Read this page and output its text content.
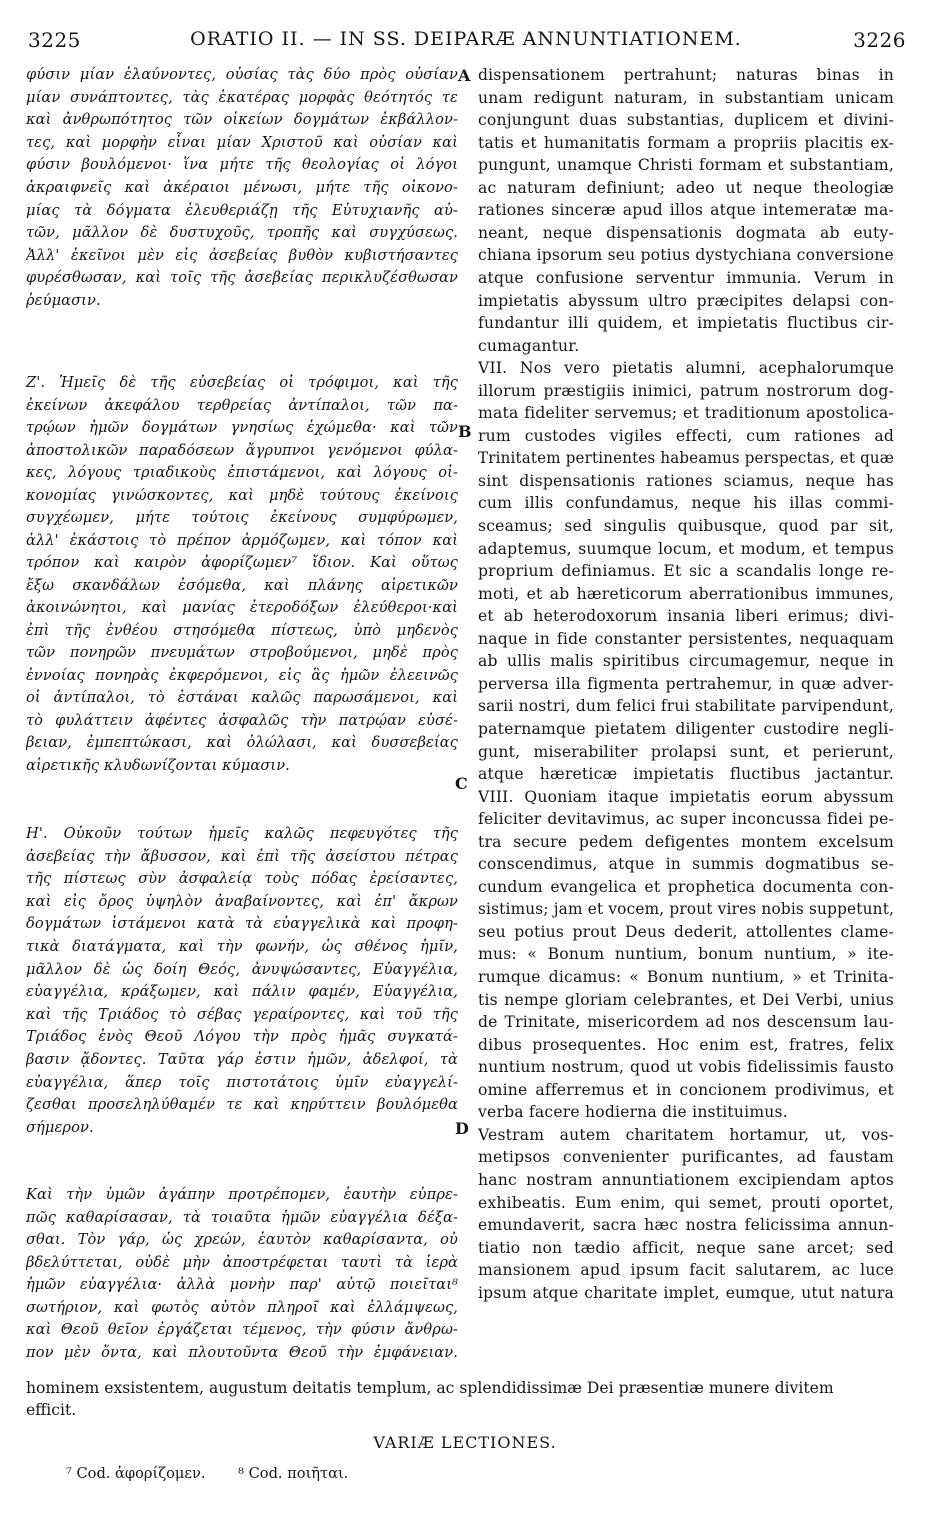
3225	ORATIO II. — IN SS. DEIPARÆ ANNUNTIATIONEM.	3226
φύσιν μίαν ἐλαύνοντες, οὐσίας τὰς δύο πρὸς οὐσίαν
μίαν συνάπτοντες, τὰς ἑκατέρας μορφὰς θεότητός τε
καὶ ἀνθρωπότητος τῶν οἰκείων δογμάτων ἐκβάλλον-
τες, καὶ μορφὴν εἶναι μίαν Χριστοῦ καὶ οὐσίαν καὶ
φύσιν βουλόμενοι· ἵνα μήτε τῆς θεολογίας οἱ λόγοι
ἀκραιφνεῖς καὶ ἀκέραιοι μένωσι, μήτε τῆς οἰκονο-
μίας τὰ δόγματα ἐλευθεριάζῃ τῆς Εὐτυχιανῆς αὐ-
τῶν, μᾶλλον δὲ δυστυχοῦς, τροπῆς καὶ συγχύσεως.
Ἀλλ' ἐκεῖνοι μὲν εἰς ἀσεβείας βυθὸν κυβιστήσαντες
φυρέσθωσαν, καὶ τοῖς τῆς ἀσεβείας περικλυζέσθωσαν
ῥεύμασιν.
Ζ'. Ἡμεῖς δὲ τῆς εὐσεβείας οἱ τρόφιμοι, καὶ τῆς
ἐκείνων ἀκεφάλου τερθρείας ἀντίπαλοι, τῶν πα-
τρῴων ἡμῶν δογμάτων γνησίως ἐχώμεθα· καὶ τῶν
ἀποστολικῶν παραδόσεων ἄγρυπνοι γενόμενοι φύλα-
κες, λόγους τριαδικοὺς ἐπιστάμενοι, καὶ λόγους οἰ-
κονομίας γινώσκοντες, καὶ μηδὲ τούτους ἐκείνοις
συγχέωμεν, μήτε τούτοις ἐκείνους συμφύρωμεν,
ἀλλ' ἑκάστοις τὸ πρέπον ἁρμόζωμεν, καὶ τόπον καὶ
τρόπον καὶ καιρὸν ἀφορίζωμεν⁷ ἴδιον. Καὶ οὕτως
ἔξω σκανδάλων ἐσόμεθα, καὶ πλάνης αἱρετικῶν
ἀκοινώνητοι, καὶ μανίας ἑτεροδόξων ἐλεύθεροι·καὶ
ἐπὶ τῆς ἐνθέου στησόμεθα πίστεως, ὑπὸ μηδενὸς
τῶν πονηρῶν πνευμάτων στροβούμενοι, μηδὲ πρὸς
ἐννοίας πονηρὰς ἐκφερόμενοι, εἰς ἃς ἡμῶν ἐλεεινῶς
οἱ ἀντίπαλοι, τὸ ἑστάναι καλῶς παρωσάμενοι, καὶ
τὸ φυλάττειν ἀφέντες ἀσφαλῶς τὴν πατρῴαν εὐσέ-
βειαν, ἐμπεπτώκασι, καὶ ὀλώλασι, καὶ δυσσεβείας
αἱρετικῆς κλυδωνίζονται κύμασιν.
Η'. Οὐκοῦν τούτων ἡμεῖς καλῶς πεφευγότες τῆς
ἀσεβείας τὴν ἄβυσσον, καὶ ἐπὶ τῆς ἀσείστου πέτρας
τῆς πίστεως σὺν ἀσφαλείᾳ τοὺς πόδας ἐρείσαντες,
καὶ εἰς ὄρος ὑψηλὸν ἀναβαίνοντες, καὶ ἐπ' ἄκρων
δογμάτων ἱστάμενοι κατὰ τὰ εὐαγγελικὰ καὶ προφη-
τικὰ διατάγματα, καὶ τὴν φωνήν, ὡς σθένος ἡμῖν,
μᾶλλον δὲ ὡς δοίη Θεός, ἀνυψώσαντες, Εὐαγγέλια,
εὐαγγέλια, κράξωμεν, καὶ πάλιν φαμέν, Εὐαγγέλια,
καὶ τῆς Τριάδος τὸ σέβας γεραίροντες, καὶ τοῦ τῆς
Τριάδος ἑνὸς Θεοῦ Λόγου τὴν πρὸς ἡμᾶς συγκατά-
βασιν ᾄδοντες. Ταῦτα γάρ ἐστιν ἡμῶν, ἀδελφοί, τὰ
εὐαγγέλια, ἅπερ τοῖς πιστοτάτοις ὑμῖν εὐαγγελί-
ζεσθαι προσεληλύθαμέν τε καὶ κηρύττειν βουλόμεθα
σήμερον.
Καὶ τὴν ὑμῶν ἀγάπην προτρέπομεν, ἑαυτὴν εὐπρε-
πῶς καθαρίσασαν, τὰ τοιαῦτα ἡμῶν εὐαγγέλια δέξα-
σθαι. Τὸν γάρ, ὡς χρεών, ἑαυτὸν καθαρίσαντα, οὐ
βδελύττεται, οὐδὲ μὴν ἀποστρέφεται ταυτὶ τὰ ἱερὰ
ἡμῶν εὐαγγέλια· ἀλλὰ μονὴν παρ' αὐτῷ ποιεῖται⁸
σωτήριον, καὶ φωτὸς αὐτὸν πληροῖ καὶ ἐλλάμψεως,
καὶ Θεοῦ θεῖον ἐργάζεται τέμενος, τὴν φύσιν ἄνθρω-
πον μὲν ὄντα, καὶ πλουτοῦντα Θεοῦ τὴν ἐμφάνειαν.
dispensationem pertrahunt; naturas binas in
unam redigunt naturam, in substantiam unicam
conjungunt duas substantias, duplicem et divini-
tatis et humanitatis formam a propriis placitis ex-
pungunt, unamque Christi formam et substantiam,
ac naturam definiunt; adeo ut neque theologiæ
rationes sinceræ apud illos atque intemeratæ ma-
neant, neque dispensationis dogmata ab euty-
chiana ipsorum seu potius dystychiana conversione
atque confusione serventur immunia. Verum in
impietatis abyssum ultro præcipites delapsi con-
fundantur illi quidem, et impietatis fluctibus cir-
cumagantur.
VII. Nos vero pietatis alumni, acephalorumque
illorum præstigiis inimici, patrum nostrorum dog-
mata fideliter servemus; et traditionum apostolica-
rum custodes vigiles effecti, cum rationes ad
Trinitatem pertinentes habeamus perspectas, et quæ
sint dispensationis rationes sciamus, neque has
cum illis confundamus, neque his illas commi-
sceamus; sed singulis quibusque, quod par sit,
adaptemus, suumque locum, et modum, et tempus
proprium definiamus. Et sic a scandalis longe re-
moti, et ab hæreticorum aberrationibus immunes,
et ab heterodoxorum insania liberi erimus; divi-
naque in fide constanter persistentes, nequaquam
ab ullis malis spiritibus circumagemur, neque in
perversa illa figmenta pertrahemur, in quæ adver-
sarii nostri, dum felici frui stabilitate parvipendunt,
paternamque pietatem diligenter custodire negli-
gunt, miserabiliter prolapsi sunt, et perierunt,
atque hæreticæ impietatis fluctibus jactantur.
VIII. Quoniam itaque impietatis eorum abyssum
feliciter devitavimus, ac super inconcussa fidei pe-
tra secure pedem defigentes montem excelsum
conscendimus, atque in summis dogmatibus se-
cundum evangelica et prophetica documenta con-
sistimus; jam et vocem, prout vires nobis suppetunt,
seu potius prout Deus dederit, attollentes clame-
mus: « Bonum nuntium, bonum nuntium, » ite-
rumque dicamus: « Bonum nuntium, » et Trinita-
tis nempe gloriam celebrantes, et Dei Verbi, unius
de Trinitate, misericordem ad nos descensum lau-
dibus prosequentes. Hoc enim est, fratres, felix
nuntium nostrum, quod ut vobis fidelissimis fausto
omine afferremus et in concionem prodivimus, et
verba facere hodierna die instituimus.
Vestram autem charitatem hortamur, ut, vos-
metipsos convenienter purificantes, ad faustam
hanc nostram annuntiationem excipiendam aptos
exhibeatis. Eum enim, qui semet, prouti oportet,
emundaverit, sacra hæc nostra felicissima annun-
tiatio non tædio afficit, neque sane arcet; sed
mansionem apud ipsum facit salutarem, ac luce
ipsum atque charitate implet, eumque, utut natura
A
B
C
D
hominem exsistentem, augustum deitatis templum, ac splendidissimæ Dei præsentiæ munere divitem
efficit.
VARIÆ LECTIONES.
⁷ Cod. ἀφορίζομεν. ⁸ Cod. ποιῆται.
